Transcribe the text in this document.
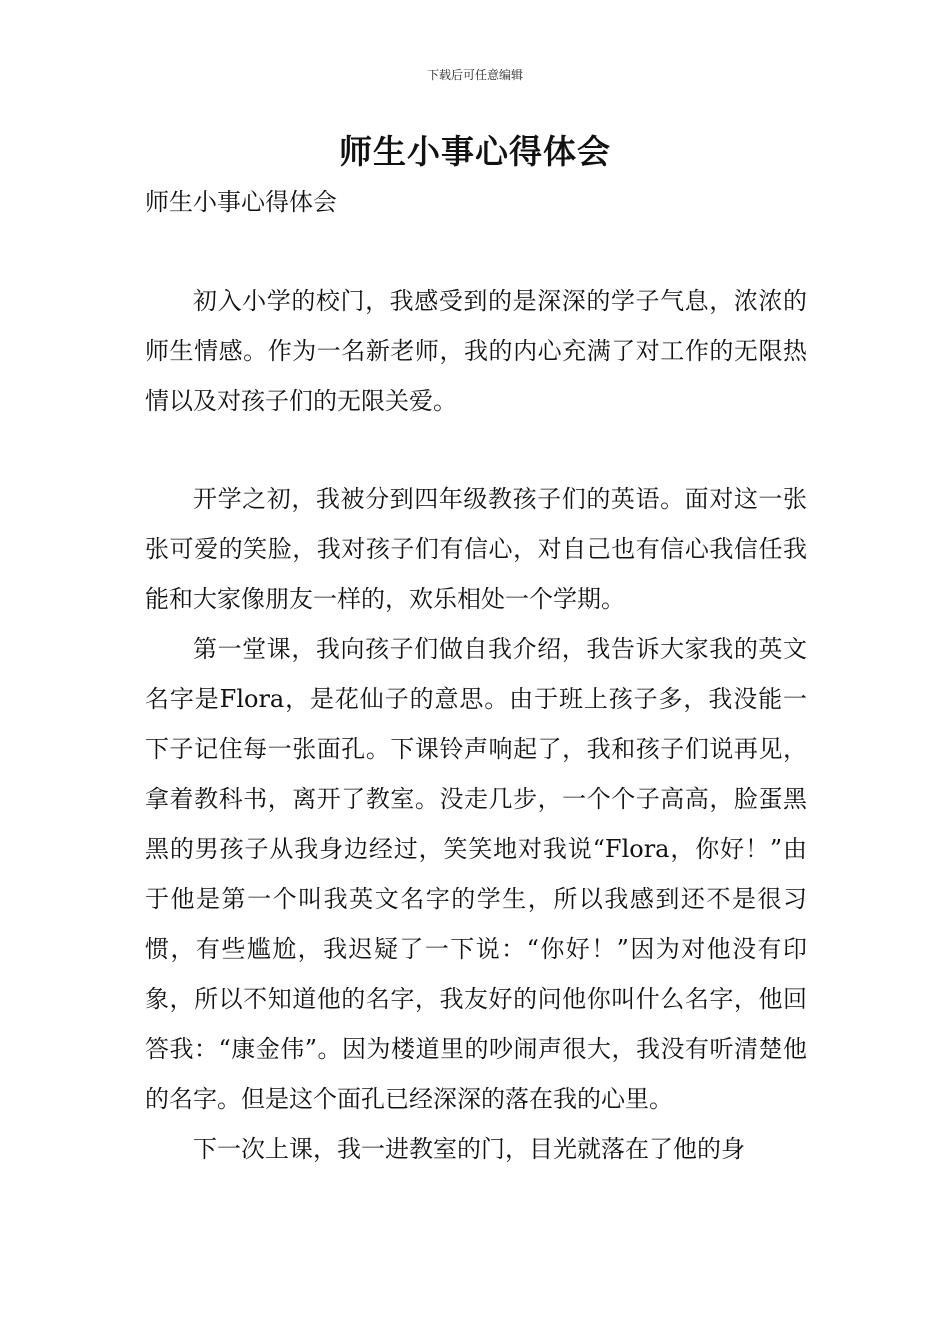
下载后可任意编辑
师生小事心得体会
师生小事心得体会

初入小学的校门，我感受到的是深深的学子气息，浓浓的师生情感。作为一名新老师，我的内心充满了对工作的无限热情以及对孩子们的无限关爱。

开学之初，我被分到四年级教孩子们的英语。面对这一张张可爱的笑脸，我对孩子们有信心，对自己也有信心我信任我能和大家像朋友一样的，欢乐相处一个学期。

第一堂课，我向孩子们做自我介绍，我告诉大家我的英文名字是Flora，是花仙子的意思。由于班上孩子多，我没能一下子记住每一张面孔。下课铃声响起了，我和孩子们说再见，拿着教科书，离开了教室。没走几步，一个个子高高，脸蛋黑黑的男孩子从我身边经过，笑笑地对我说“Flora，你好！”由于他是第一个叫我英文名字的学生，所以我感到还不是很习惯，有些尴尬，我迟疑了一下说：“你好！”因为对他没有印象，所以不知道他的名字，我友好的问他你叫什么名字，他回答我：“康金伟”。因为楼道里的吵闹声很大，我没有听清楚他的名字。但是这个面孔已经深深的落在我的心里。

下一次上课，我一进教室的门，目光就落在了他的身
